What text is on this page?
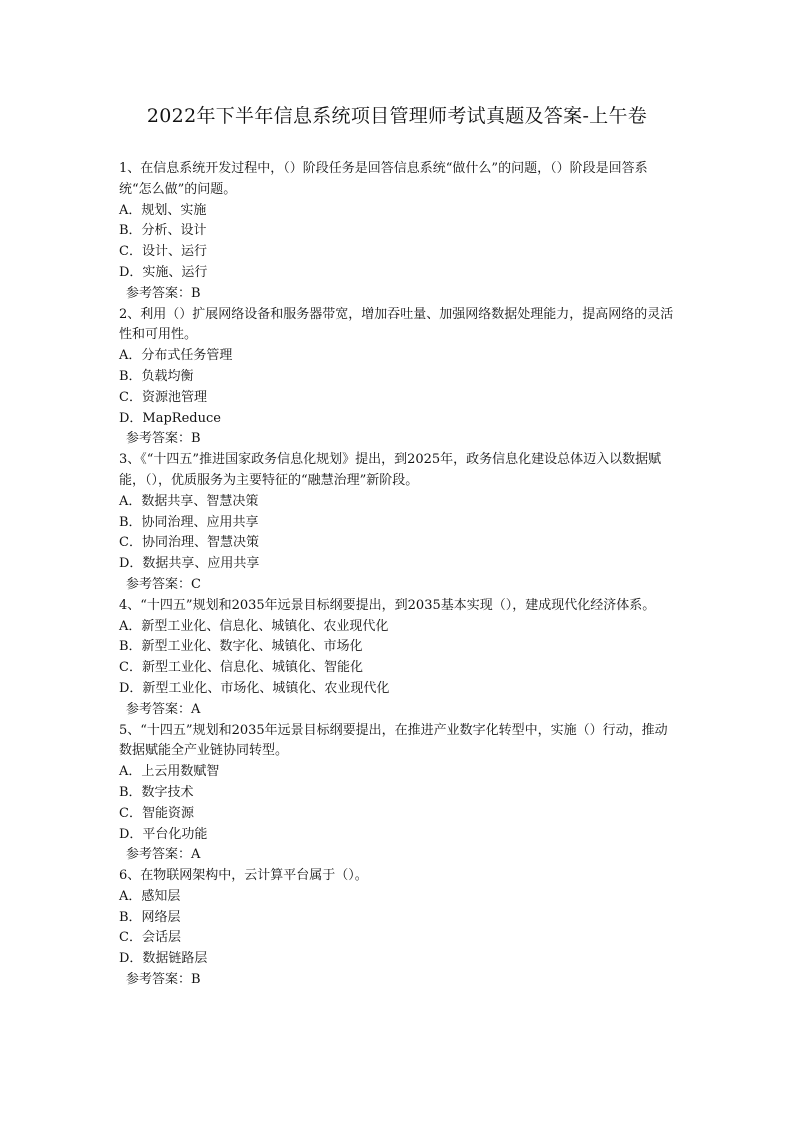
2022年下半年信息系统项目管理师考试真题及答案-上午卷
1、在信息系统开发过程中，（）阶段任务是回答信息系统“做什么”的问题，（）阶段是回答系统“怎么做”的问题。
A．规划、实施
B．分析、设计
C．设计、运行
D．实施、运行
参考答案：B
2、利用（）扩展网络设备和服务器带宽，增加吞吐量、加强网络数据处理能力，提高网络的灵活性和可用性。
A．分布式任务管理
B．负载均衡
C．资源池管理
D．MapReduce
参考答案：B
3、《“十四五”推进国家政务信息化规划》提出，到2025年，政务信息化建设总体迈入以数据赋能，（），优质服务为主要特征的“融慧治理”新阶段。
A．数据共享、智慧决策
B．协同治理、应用共享
C．协同治理、智慧决策
D．数据共享、应用共享
参考答案：C
4、“十四五”规划和2035年远景目标纲要提出，到2035基本实现（），建成现代化经济体系。
A．新型工业化、信息化、城镇化、农业现代化
B．新型工业化、数字化、城镇化、市场化
C．新型工业化、信息化、城镇化、智能化
D．新型工业化、市场化、城镇化、农业现代化
参考答案：A
5、“十四五”规划和2035年远景目标纲要提出，在推进产业数字化转型中，实施（）行动，推动数据赋能全产业链协同转型。
A．上云用数赋智
B．数字技术
C．智能资源
D．平台化功能
参考答案：A
6、在物联网架构中，云计算平台属于（）。
A．感知层
B．网络层
C．会话层
D．数据链路层
参考答案：B
